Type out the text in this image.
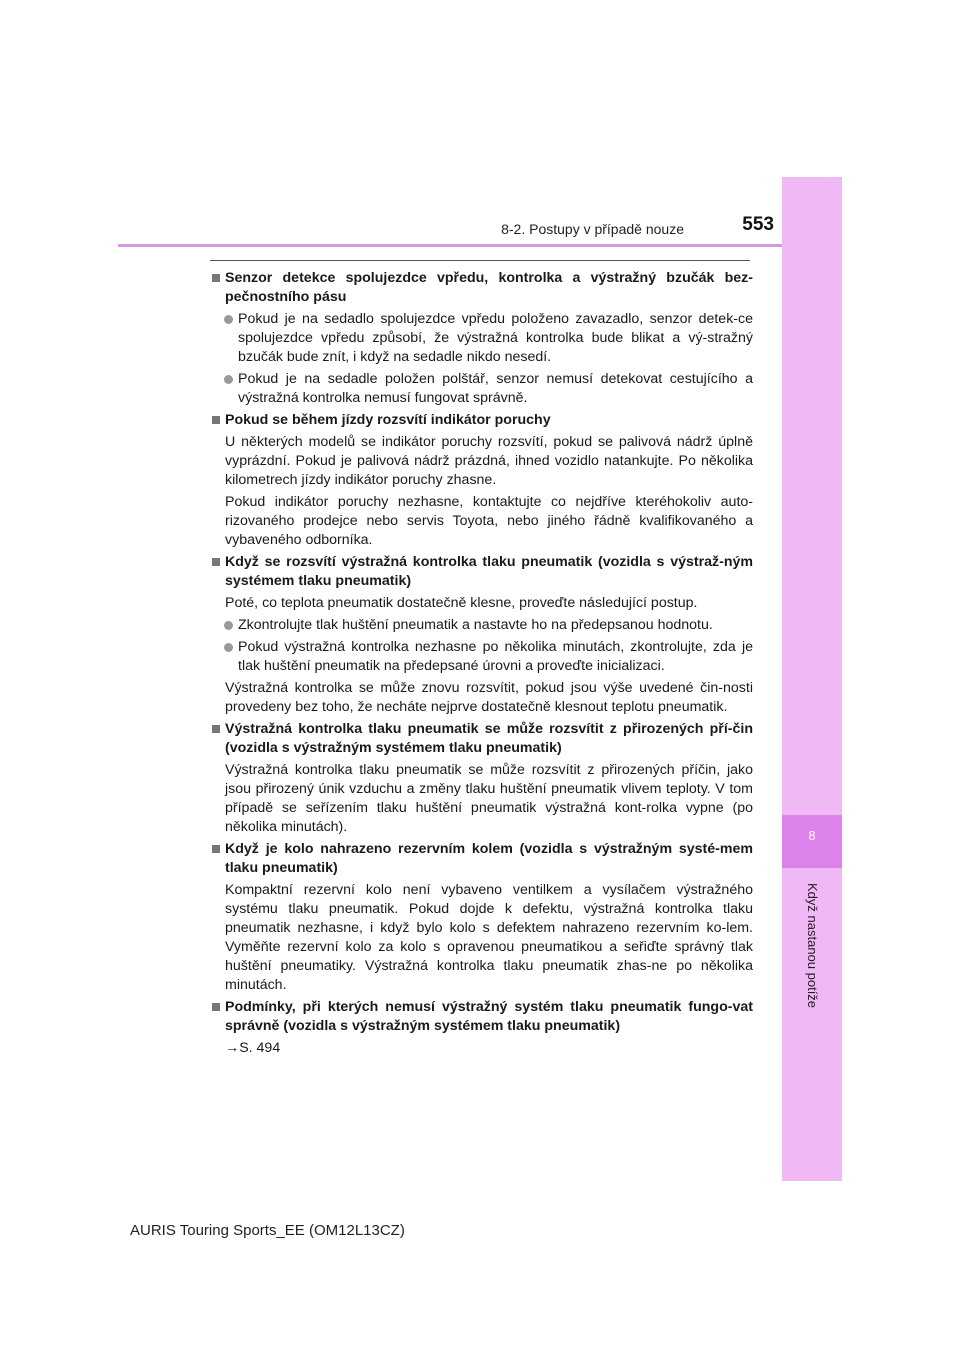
8
Když nastanou potíže
8-2. Postupy v případě nouze	553
Senzor detekce spolujezdce vpředu, kontrolka a výstražný bzučák bez-pečnostního pásu
Pokud je na sedadlo spolujezdce vpředu položeno zavazadlo, senzor detek-ce spolujezdce vpředu způsobí, že výstražná kontrolka bude blikat a vý-stražný bzučák bude znít, i když na sedadle nikdo nesedí.
Pokud je na sedadle položen polštář, senzor nemusí detekovat cestujícího a výstražná kontrolka nemusí fungovat správně.
Pokud se během jízdy rozsvítí indikátor poruchy
U některých modelů se indikátor poruchy rozsvítí, pokud se palivová nádrž úplně vyprázdní. Pokud je palivová nádrž prázdná, ihned vozidlo natankujte. Po několika kilometrech jízdy indikátor poruchy zhasne.
Pokud indikátor poruchy nezhasne, kontaktujte co nejdříve kteréhokoliv auto-rizovaného prodejce nebo servis Toyota, nebo jiného řádně kvalifikovaného a vybaveného odborníka.
Když se rozsvítí výstražná kontrolka tlaku pneumatik (vozidla s výstraž-ným systémem tlaku pneumatik)
Poté, co teplota pneumatik dostatečně klesne, proveďte následující postup.
Zkontrolujte tlak huštění pneumatik a nastavte ho na předepsanou hodnotu.
Pokud výstražná kontrolka nezhasne po několika minutách, zkontrolujte, zda je tlak huštění pneumatik na předepsané úrovni a proveďte inicializaci.
Výstražná kontrolka se může znovu rozsvítit, pokud jsou výše uvedené čin-nosti provedeny bez toho, že necháte nejprve dostatečně klesnout teplotu pneumatik.
Výstražná kontrolka tlaku pneumatik se může rozsvítit z přirozených pří-čin (vozidla s výstražným systémem tlaku pneumatik)
Výstražná kontrolka tlaku pneumatik se může rozsvítit z přirozených příčin, jako jsou přirozený únik vzduchu a změny tlaku huštění pneumatik vlivem teploty. V tom případě se seřízením tlaku huštění pneumatik výstražná kont-rolka vypne (po několika minutách).
Když je kolo nahrazeno rezervním kolem (vozidla s výstražným systé-mem tlaku pneumatik)
Kompaktní rezervní kolo není vybaveno ventilkem a vysílačem výstražného systému tlaku pneumatik. Pokud dojde k defektu, výstražná kontrolka tlaku pneumatik nezhasne, i když bylo kolo s defektem nahrazeno rezervním ko-lem. Vyměňte rezervní kolo za kolo s opravenou pneumatikou a seřiďte správný tlak huštění pneumatiky. Výstražná kontrolka tlaku pneumatik zhas-ne po několika minutách.
Podmínky, při kterých nemusí výstražný systém tlaku pneumatik fungo-vat správně (vozidla s výstražným systémem tlaku pneumatik)
→S. 494
AURIS Touring Sports_EE (OM12L13CZ)
